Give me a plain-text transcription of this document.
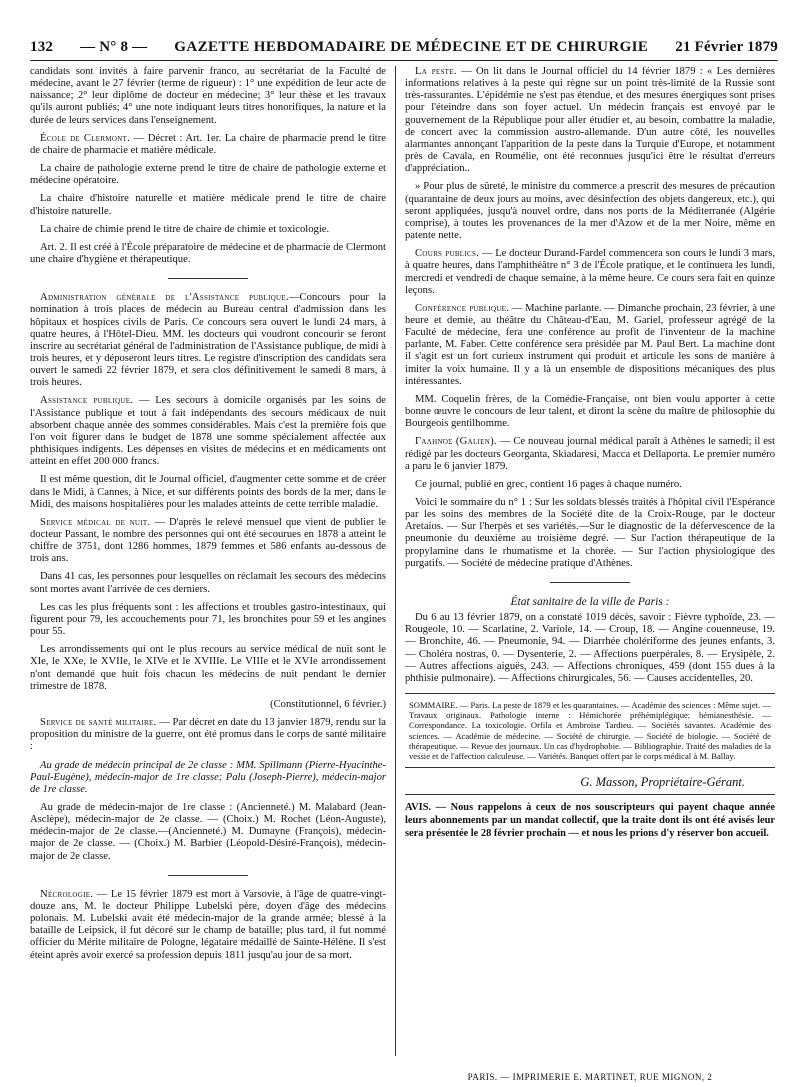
132 — N° 8 — GAZETTE HEBDOMADAIRE DE MÉDECINE ET DE CHIRURGIE 21 Février 1879

candidats sont invités à faire parvenir franco, au secrétariat de la Faculté de médecine, avant le 27 février (terme de rigueur) : 1° une expédition de leur acte de naissance; 2° leur diplôme de docteur en médecine; 3° leur thèse et les travaux qu'ils auront publiés; 4° une note indiquant leurs titres honorifiques, la nature et la durée de leurs services dans l'enseignement.

École de Clermont. — Décret : Art. 1er. La chaire de pharmacie prend le titre de chaire de pharmacie et matière médicale.

La chaire de pathologie externe prend le titre de chaire de pathologie externe et médecine opératoire.

La chaire d'histoire naturelle et matière médicale prend le titre de chaire d'histoire naturelle.

La chaire de chimie prend le titre de chaire de chimie et toxicologie.

Art. 2. Il est créé à l'École préparatoire de médecine et de pharmacie de Clermont une chaire d'hygiène et thérapeutique.

Administration générale de l'Assistance publique.—Concours pour la nomination à trois places de médecin au Bureau central d'admission dans les hôpitaux et hospices civils de Paris. Ce concours sera ouvert le lundi 24 mars, à quatre heures, à l'Hôtel-Dieu. MM. les docteurs qui voudront concourir se feront inscrire au secrétariat général de l'administration de l'Assistance publique, de midi à trois heures, et y déposeront leurs titres. Le registre d'inscription des candidats sera ouvert le samedi 22 février 1879, et sera clos définitivement le samedi 8 mars, à trois heures.

Assistance publique. — Les secours à domicile organisés par les soins de l'Assistance publique et tout à fait indépendants des secours médicaux de nuit absorbent chaque année des sommes considérables. Mais c'est la première fois que l'on voit figurer dans le budget de 1878 une somme spécialement affectée aux phthisiques indigents. Les dépenses en visites de médecins et en médicaments ont atteint en effet 200 000 francs.

Il est même question, dit le Journal officiel, d'augmenter cette somme et de créer dans le Midi, à Cannes, à Nice, et sur différents points des bords de la mer, dans le Midi, des maisons hospitalières pour les malades atteints de cette terrible maladie.

Service médical de nuit. — D'après le relevé mensuel que vient de publier le docteur Passant, le nombre des personnes qui ont été secourues en 1878 a atteint le chiffre de 3751, dont 1286 hommes, 1879 femmes et 586 enfants au-dessous de trois ans.

Dans 41 cas, les personnes pour lesquelles on réclamait les secours des médecins sont mortes avant l'arrivée de ces derniers.

Les cas les plus fréquents sont : les affections et troubles gastro-intestinaux, qui figurent pour 79, les accouchements pour 71, les bronchites pour 59 et les angines pour 55.

Les arrondissements qui ont le plus recours au service médical de nuit sont le XIe, le XXe, le XVIIe, le XIVe et le XVIIIe. Le VIIIe et le XVIe arrondissement n'ont demandé que huit fois chacun les médecins de nuit pendant le dernier trimestre de 1878.

(Constitutionnel, 6 février.)

Service de santé militaire. — Par décret en date du 13 janvier 1879, rendu sur la proposition du ministre de la guerre, ont été promus dans le corps de santé militaire :

Au grade de médecin principal de 2e classe : MM. Spillmann (Pierre-Hyacinthe-Paul-Eugène), médecin-major de 1re classe; Palu (Joseph-Pierre), médecin-major de 1re classe.

Au grade de médecin-major de 1re classe : (Ancienneté.) M. Malabard (Jean-Asclèpe), médecin-major de 2e classe. — (Choix.) M. Rochet (Léon-Auguste), médecin-major de 2e classe.—(Ancienneté.) M. Dumayne (François), médecin-major de 2e classe. — (Choix.) M. Barbier (Léopold-Désiré-François), médecin-major de 2e classe.

Nécrologie. — Le 15 février 1879 est mort à Varsovie, à l'âge de quatre-vingt-douze ans, M. le docteur Philippe Lubelski père, doyen d'âge des médecins polonais. M. Lubelski avait été médecin-major de la grande armée; blessé à la bataille de Leipsick, il fut décoré sur le champ de bataille; plus tard, il fut nommé officier du Mérite militaire de Pologne, légataire médaillé de Sainte-Hélène. Il s'est éteint après avoir exercé sa profession depuis 1811 jusqu'au jour de sa mort.

La peste. — On lit dans le Journal officiel du 14 février 1879 : « Les dernières informations relatives à la peste qui règne sur un point très-limité de la Russie sont très-rassurantes. L'épidémie ne s'est pas étendue, et des mesures énergiques sont prises pour l'éteindre dans son foyer actuel. Un médecin français est envoyé par le gouvernement de la République pour aller étudier et, au besoin, combattre la maladie, de concert avec la commission austro-allemande. D'un autre côté, les nouvelles alarmantes annonçant l'apparition de la peste dans la Turquie d'Europe, et notamment près de Cavala, en Roumélie, ont été reconnues jusqu'ici être le résultat d'erreurs d'appréciation..

» Pour plus de sûreté, le ministre du commerce a prescrit des mesures de précaution (quarantaine de deux jours au moins, avec désinfection des objets dangereux, etc.), qui seront appliquées, jusqu'à nouvel ordre, dans nos ports de la Méditerranée (Algérie comprise), à toutes les provenances de la mer d'Azow et de la mer Noire, même en patente nette.

Cours publics. — Le docteur Durand-Fardel commencera son cours le lundi 3 mars, à quatre heures, dans l'amphithéâtre n° 3 de l'École pratique, et le continuera les lundi, mercredi et vendredi de chaque semaine, à la même heure. Ce cours sera fait en quinze leçons.

Conférence publique. — Machine parlante. — Dimanche prochain, 23 février, à une heure et demie, au théâtre du Château-d'Eau, M. Gariel, professeur agrégé de la Faculté de médecine, fera une conférence au profit de l'inventeur de la machine parlante, M. Faber. Cette conférence sera présidée par M. Paul Bert. La machine dont il s'agit est un fort curieux instrument qui produit et articule les sons de manière à imiter la voix humaine. Il y a là un ensemble de dispositions mécaniques des plus intéressantes.

MM. Coquelin frères, de la Comédie-Française, ont bien voulu apporter à cette bonne œuvre le concours de leur talent, et diront la scène du maître de philosophie du Bourgeois gentilhomme.

Γαληνός (Galien). — Ce nouveau journal médical paraît à Athènes le samedi; il est rédigé par les docteurs Georganta, Skiadaresi, Macca et Dellaporta. Le premier numéro a paru le 6 janvier 1879.

Ce journal, publié en grec, contient 16 pages à chaque numéro.

Voici le sommaire du n° 1 : Sur les soldats blessés traités à l'hôpital civil l'Espérance par les soins des membres de la Société dite de la Croix-Rouge, par le docteur Aretaios. — Sur l'herpès et ses variétés.—Sur le diagnostic de la défervescence de la pneumonie du deuxième au troisième degré. — Sur l'action thérapeutique de la propylamine dans le rhumatisme et la chorée. — Sur l'action physiologique des purgatifs. — Société de médecine pratique d'Athènes.

État sanitaire de la ville de Paris :

Du 6 au 13 février 1879, on a constaté 1019 décès, savoir : Fièvre typhoïde, 23. — Rougeole, 10. — Scarlatine, 2. Variole, 14. — Croup, 18. — Angine couenneuse, 19. — Bronchite, 46. — Pneumonie, 94. — Diarrhée cholériforme des jeunes enfants, 3. — Choléra nostras, 0. — Dysenterie, 2. — Affections puerpérales, 8. — Erysipèle, 2. — Autres affections aiguës, 243. — Affections chroniques, 459 (dont 155 dues à la phthisie pulmonaire). — Affections chirurgicales, 56. — Causes accidentelles, 20.

SOMMAIRE. — Paris. La peste de 1879 et les quarantaines. — Académie des sciences : Même sujet. — Travaux originaux. Pathologie interne : Hémichorée préhémiplégique; hémianesthésie. — Correspondance. La toxicologie. Orfila et Ambroise Tardieu. — Sociétés savantes. Académie des sciences. — Académie de médecine. — Société de chirurgie. — Société de biologie. — Société de thérapeutique. — Revue des journaux. Un cas d'hydrophobie. — Bibliographie. Traité des maladies de la vessie et de l'affection calculeuse. — Variétés. Banquet offert par le corps médical à M. Ballay.
G. Masson, Propriétaire-Gérant.
AVIS. — Nous rappelons à ceux de nos souscripteurs qui payent chaque année leurs abonnements par un mandat collectif, que la traite dont ils ont été avisés leur sera présentée le 28 février prochain — et nous les prions d'y réserver bon accueil.
PARIS. — IMPRIMERIE E. MARTINET, RUE MIGNON, 2
